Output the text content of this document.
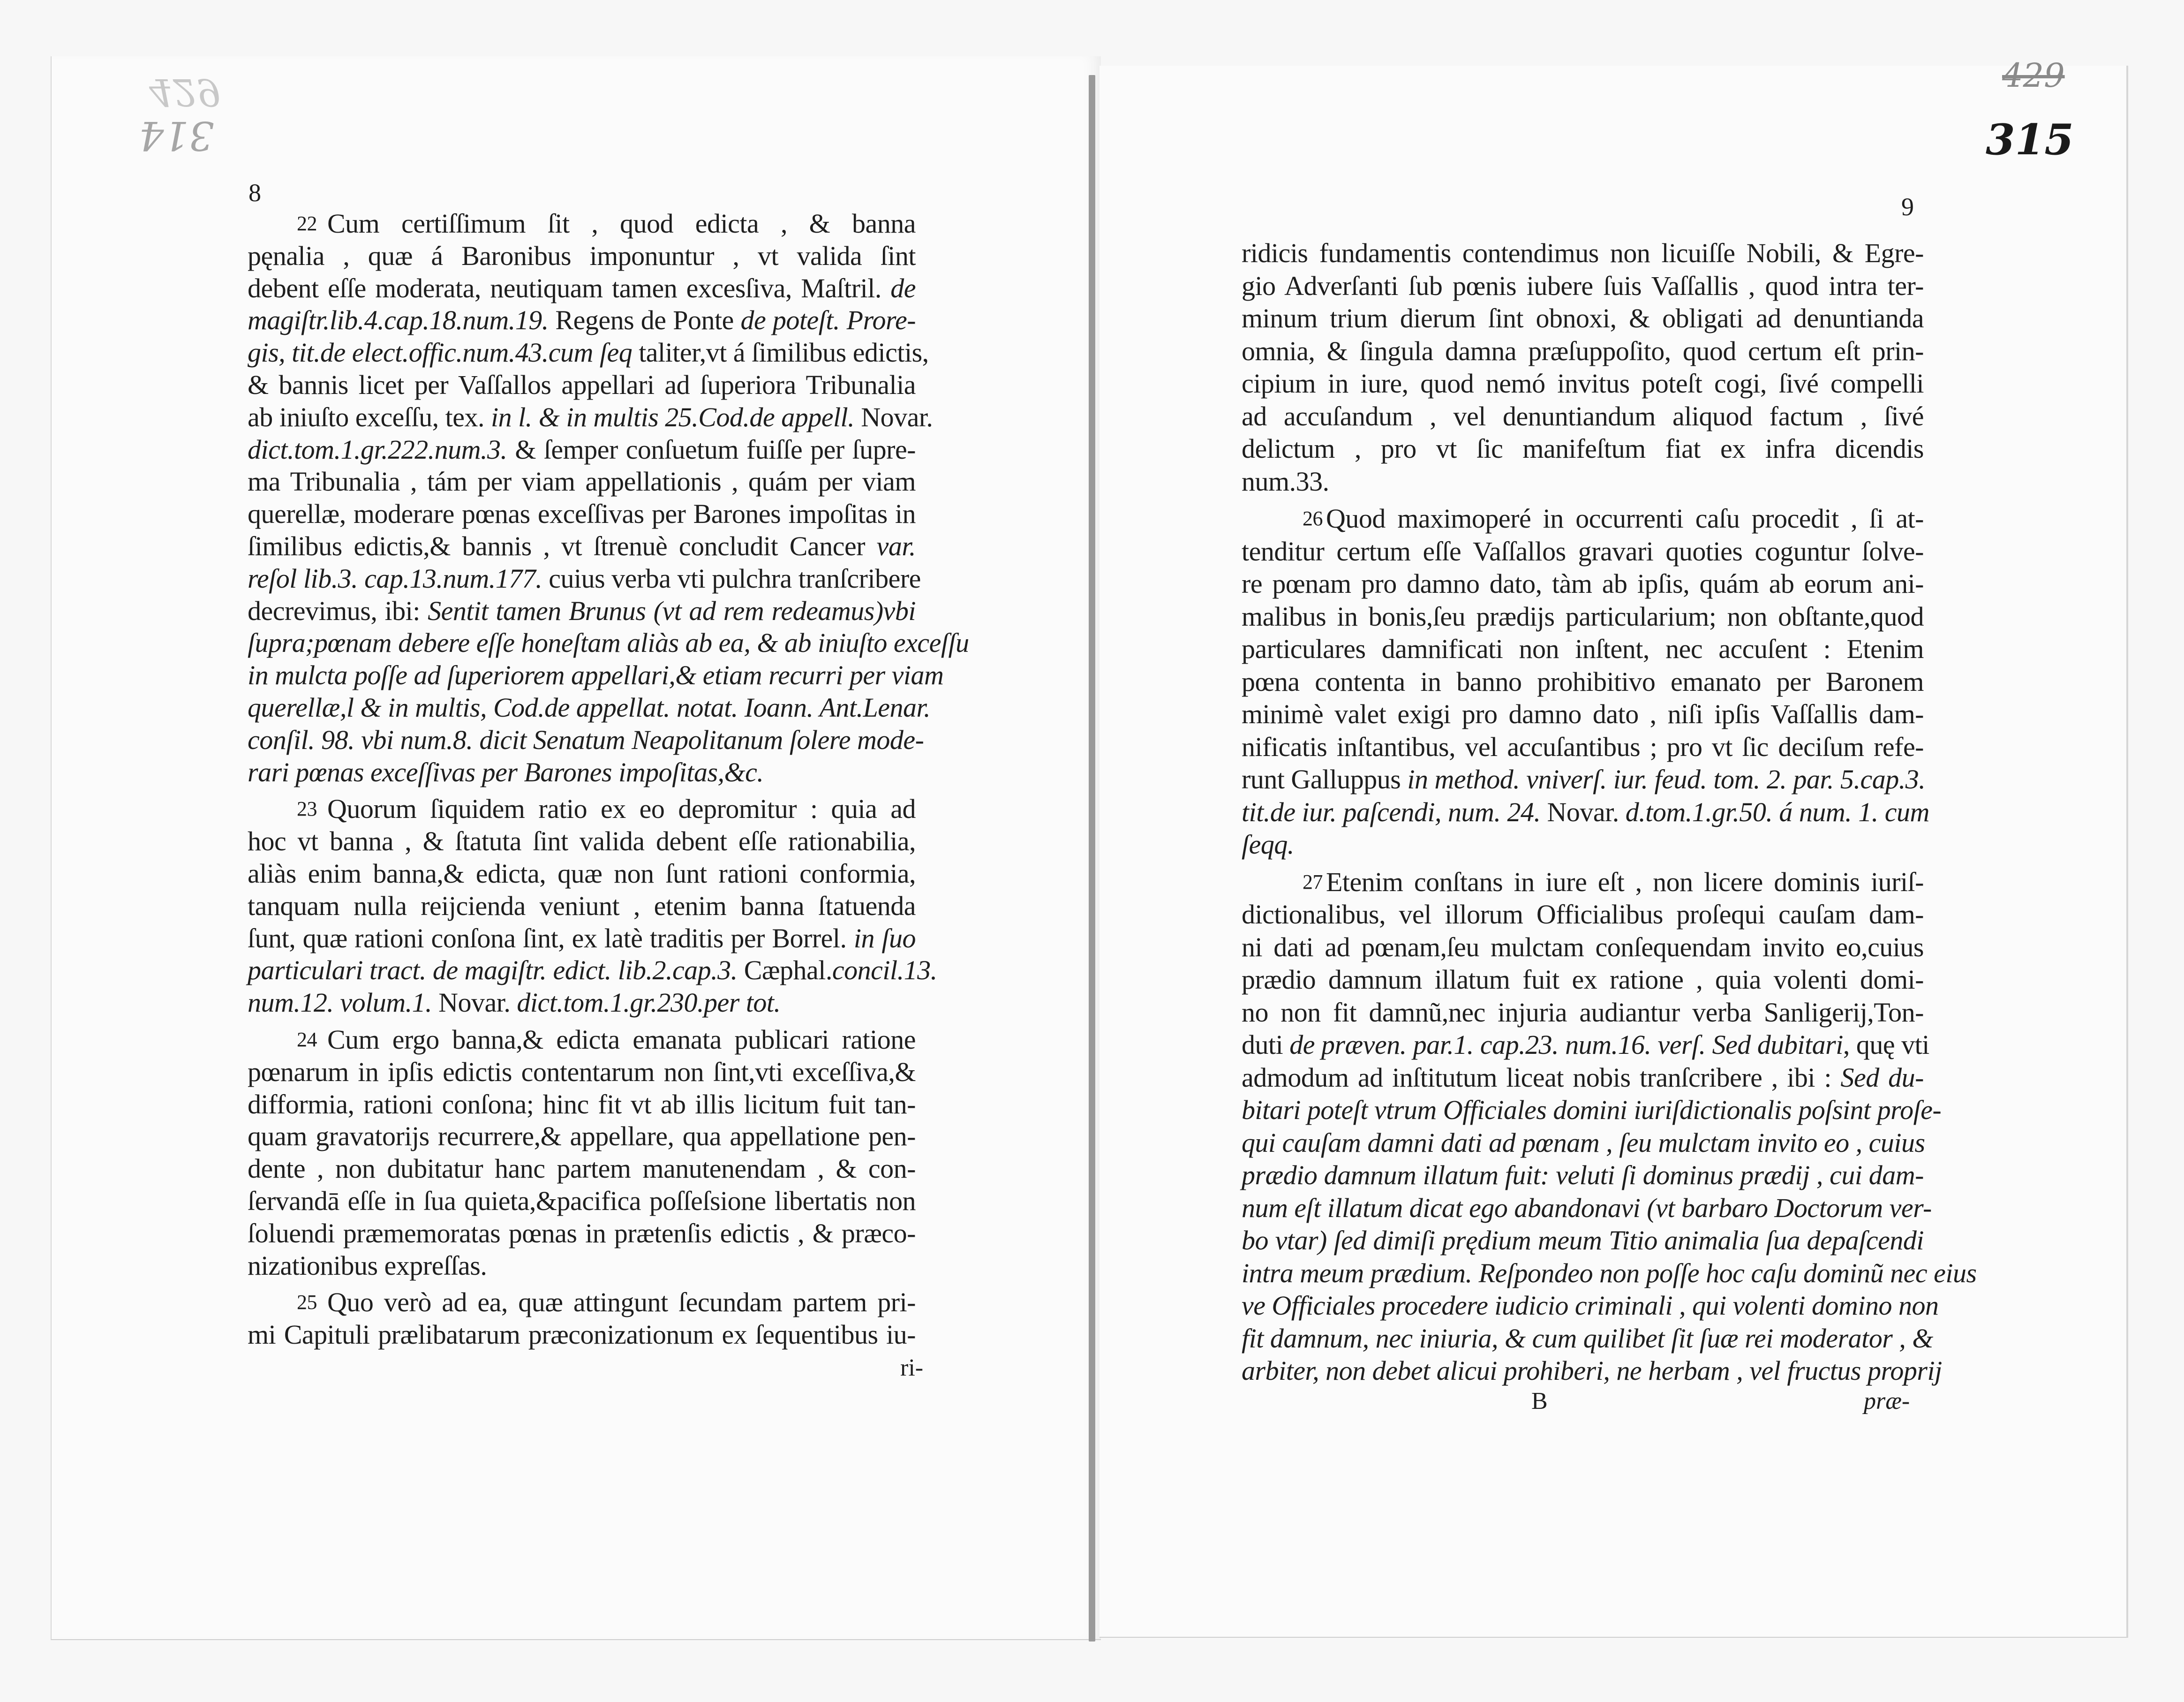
429
314
429
315
8	9
22 Cum certiſſimum ſit , quod edicta , & banna
pęnalia , quæ á Baronibus imponuntur , vt valida ſint
debent eſſe moderata, neutiquam tamen excesſiva, Maſtril. de
magiſtr.lib.4.cap.18.num.19. Regens de Ponte de poteſt. Prore-
gis, tit.de elect.offic.num.43.cum ſeq taliter,vt á ſimilibus edictis,
& bannis licet per Vaſſallos appellari ad ſuperiora Tribunalia
ab iniuſto exceſſu, tex. in l. & in multis 25.Cod.de appell. Novar.
dict.tom.1.gr.222.num.3. & ſemper conſuetum fuiſſe per ſupre-
ma Tribunalia , tám per viam appellationis , quám per viam
querellæ, moderare pœnas exceſſivas per Barones impoſitas in
ſimilibus edictis,& bannis , vt ſtrenuè concludit Cancer var.
reſol lib.3. cap.13.num.177. cuius verba vti pulchra tranſcribere
decrevimus, ibi: Sentit tamen Brunus (vt ad rem redeamus)vbi
ſupra;pœnam debere eſſe honeſtam aliàs ab ea, & ab iniuſto exceſſu
in mulcta poſſe ad ſuperiorem appellari,& etiam recurri per viam
querellæ,l & in multis, Cod.de appellat. notat. Ioann. Ant.Lenar.
conſil. 98. vbi num.8. dicit Senatum Neapolitanum ſolere mode-
rari pœnas exceſſivas per Barones impoſitas,&c.
23 Quorum ſiquidem ratio ex eo depromitur : quia ad
hoc vt banna , & ſtatuta ſint valida debent eſſe rationabilia,
aliàs enim banna,& edicta, quæ non ſunt rationi conformia,
tanquam nulla reijcienda veniunt , etenim banna ſtatuenda
ſunt, quæ rationi conſona ſint, ex latè traditis per Borrel. in ſuo
particulari tract. de magiſtr. edict. lib.2.cap.3. Cæphal.concil.13.
num.12. volum.1. Novar. dict.tom.1.gr.230.per tot.
24 Cum ergo banna,& edicta emanata publicari ratione
pœnarum in ipſis edictis contentarum non ſint,vti exceſſiva,&
difformia, rationi conſona; hinc fit vt ab illis licitum fuit tan-
quam gravatorijs recurrere,& appellare, qua appellatione pen-
dente , non dubitatur hanc partem manutenendam , & con-
ſervandā eſſe in ſua quieta,&pacifica poſſeſsione libertatis non
ſoluendi præmemoratas pœnas in prætenſis edictis , & præco-
nizationibus expreſſas.
25 Quo verò ad ea, quæ attingunt ſecundam partem pri-
mi Capituli prælibatarum præconizationum ex ſequentibus iu-
ridicis fundamentis contendimus non licuiſſe Nobili, & Egre-
gio Adverſanti ſub pœnis iubere ſuis Vaſſallis , quod intra ter-
minum trium dierum ſint obnoxi, & obligati ad denuntianda
omnia, & ſingula damna præſuppoſito, quod certum eſt prin-
cipium in iure, quod nemó invitus poteſt cogi, ſivé compelli
ad accuſandum , vel denuntiandum aliquod factum , ſivé
delictum , pro vt ſic manifeſtum fiat ex infra dicendis
num.33.
26 Quod maximoperé in occurrenti caſu procedit , ſi at-
tenditur certum eſſe Vaſſallos gravari quoties coguntur ſolve-
re pœnam pro damno dato, tàm ab ipſis, quám ab eorum ani-
malibus in bonis,ſeu prædijs particularium; non obſtante,quod
particulares damnificati non inſtent, nec accuſent : Etenim
pœna contenta in banno prohibitivo emanato per Baronem
minimè valet exigi pro damno dato , niſi ipſis Vaſſallis dam-
nificatis inſtantibus, vel accuſantibus ; pro vt ſic deciſum refe-
runt Galluppus in method. vniverſ. iur. feud. tom. 2. par. 5.cap.3.
tit.de iur. paſcendi, num. 24. Novar. d.tom.1.gr.50. á num. 1. cum
ſeqq.
27 Etenim conſtans in iure eſt , non licere dominis iuriſ-
dictionalibus, vel illorum Officialibus proſequi cauſam dam-
ni dati ad pœnam,ſeu mulctam conſequendam invito eo,cuius
prædio damnum illatum fuit ex ratione , quia volenti domi-
no non fit damnũ,nec injuria audiantur verba Sanligerij,Ton-
duti de præven. par.1. cap.23. num.16. verſ. Sed dubitari, quę vti
admodum ad inſtitutum liceat nobis tranſcribere , ibi : Sed du-
bitari poteſt vtrum Officiales domini iuriſdictionalis poſsint proſe-
qui cauſam damni dati ad pœnam , ſeu mulctam invito eo , cuius
prædio damnum illatum fuit: veluti ſi dominus prædij , cui dam-
num eſt illatum dicat ego abandonavi (vt barbaro Doctorum ver-
bo vtar) ſed dimiſi prędium meum Titio animalia ſua depaſcendi
intra meum prædium. Reſpondeo non poſſe hoc caſu dominũ nec eius
ve Officiales procedere iudicio criminali , qui volenti domino non
fit damnum, nec iniuria, & cum quilibet ſit ſuæ rei moderator , &
arbiter, non debet alicui prohiberi, ne herbam , vel fructus proprij
ri-
B	præ-
